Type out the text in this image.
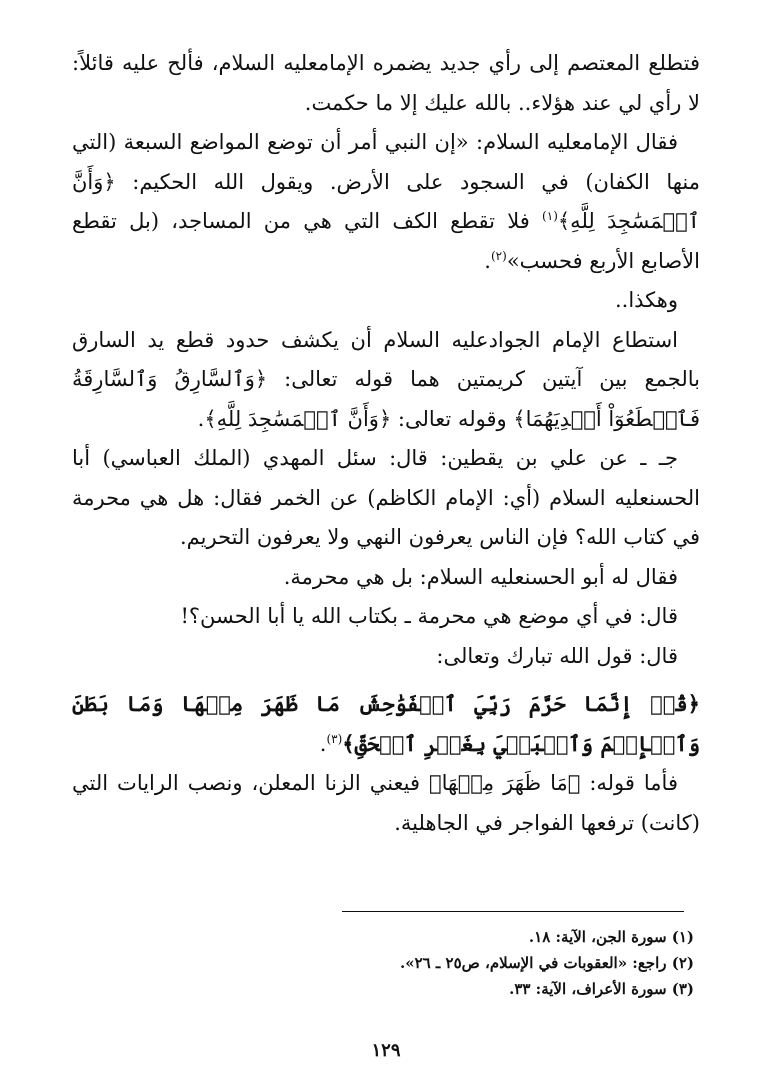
فتطلع المعتصم إلى رأي جديد يضمره الإمامعليه السلام، فألح عليه قائلاً: لا رأي لي عند هؤلاء.. بالله عليك إلا ما حكمت.

فقال الإمامعليه السلام: «إن النبي أمر أن توضع المواضع السبعة (التي منها الكفان) في السجود على الأرض. ويقول الله الحكيم: ﴿وَأَنَّ ٱلۡمَسَٰجِدَ لِلَّهِ﴾$^{(١)}$ فلا تقطع الكف التي هي من المساجد، (بل تقطع الأصابع الأربع فحسب»$^{(٢)}$.

وهكذا..

استطاع الإمام الجوادعليه السلام أن يكشف حدود قطع يد السارق بالجمع بين آيتين كريمتين هما قوله تعالى: ﴿وَٱلسَّارِقُ وَٱلسَّارِقَةُ فَٱقۡطَعُوٓاْ أَيۡدِيَهُمَا﴾ وقوله تعالى: ﴿وَأَنَّ ٱلۡمَسَٰجِدَ لِلَّهِ﴾.

جـ ـ عن علي بن يقطين: قال: سئل المهدي (الملك العباسي) أبا الحسنعليه السلام (أي: الإمام الكاظم) عن الخمر فقال: هل هي محرمة في كتاب الله؟ فإن الناس يعرفون النهي ولا يعرفون التحريم.

فقال له أبو الحسنعليه السلام: بل هي محرمة.

قال: في أي موضع هي محرمة ـ بكتاب الله يا أبا الحسن؟!

قال: قول الله تبارك وتعالى:

﴿قُلۡ إِنَّمَا حَرَّمَ رَبِّيَ ٱلۡفَوَٰحِشَ مَا ظَهَرَ مِنۡهَا وَمَا بَطَنَ وَٱلۡإِثۡمَ وَٱلۡبَغۡيَ بِغَيۡرِ ٱلۡحَقِّ﴾$^{(٣)}$.

فأما قوله: ﴿مَا ظَهَرَ مِنۡهَا﴾ فيعني الزنا المعلن، ونصب الرايات التي (كانت) ترفعها الفواجر في الجاهلية.

(١) سورة الجن، الآية: ١٨.

(٢) راجع: «العقوبات في الإسلام، ص٢٥ ـ ٢٦».

(٣) سورة الأعراف، الآية: ٣٣.

١٢٩
